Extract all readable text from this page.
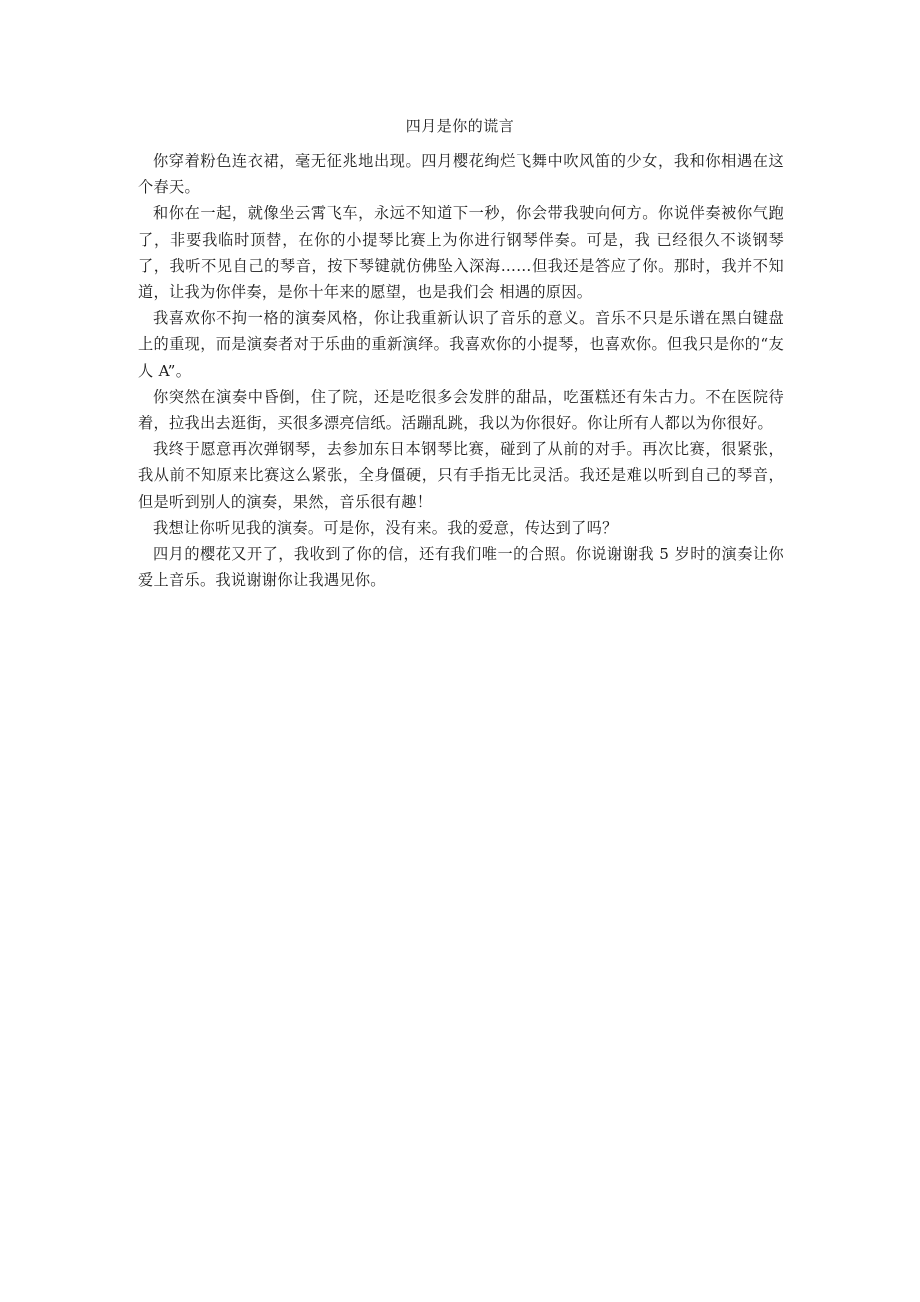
四月是你的谎言

你穿着粉色连衣裙，毫无征兆地出现。四月樱花绚烂飞舞中吹风笛的少女，我和你相遇在这个春天。

和你在一起，就像坐云霄飞车，永远不知道下一秒，你会带我驶向何方。你说伴奏被你气跑了，非要我临时顶替，在你的小提琴比赛上为你进行钢琴伴奏。可是，我 已经很久不谈钢琴了，我听不见自己的琴音，按下琴键就仿佛坠入深海……但我还是答应了你。那时，我并不知道，让我为你伴奏，是你十年来的愿望，也是我们会 相遇的原因。

我喜欢你不拘一格的演奏风格，你让我重新认识了音乐的意义。音乐不只是乐谱在黑白键盘上的重现，而是演奏者对于乐曲的重新演绎。我喜欢你的小提琴，也喜欢你。但我只是你的“友人 A”。

你突然在演奏中昏倒，住了院，还是吃很多会发胖的甜品，吃蛋糕还有朱古力。不在医院待着，拉我出去逛街，买很多漂亮信纸。活蹦乱跳，我以为你很好。你让所有人都以为你很好。

我终于愿意再次弹钢琴，去参加东日本钢琴比赛，碰到了从前的对手。再次比赛，很紧张，我从前不知原来比赛这么紧张，全身僵硬，只有手指无比灵活。我还是难以听到自己的琴音，但是听到别人的演奏，果然，音乐很有趣！

我想让你听见我的演奏。可是你，没有来。我的爱意，传达到了吗？

四月的樱花又开了，我收到了你的信，还有我们唯一的合照。你说谢谢我 5 岁时的演奏让你爱上音乐。我说谢谢你让我遇见你。
